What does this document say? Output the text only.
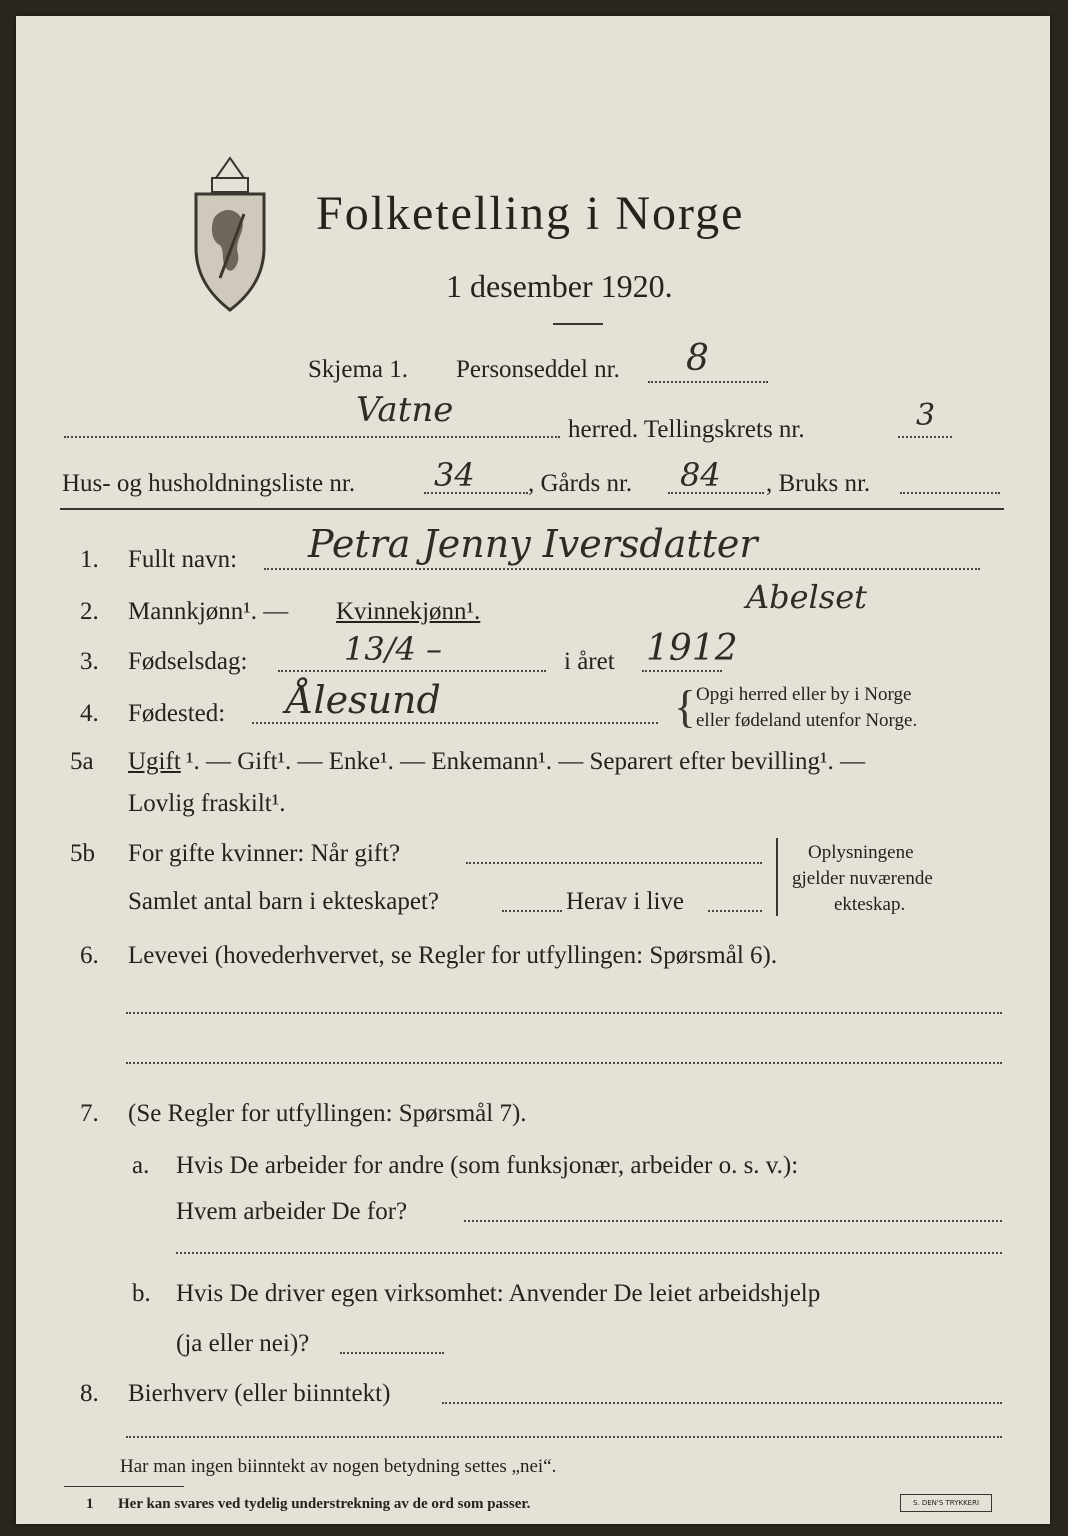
Folketelling i Norge
1 desember 1920.
Skjema 1. Personseddel nr. 8
Vatne	herred. Tellingskrets nr.	3
Hus- og husholdningsliste nr. 34 , Gårds nr. 84 , Bruks nr.
1. Fullt navn: Petra Jenny Iversdatter
Abelset
2. Mannkjønn¹. — Kvinnekjønn¹.
3. Fødselsdag:	13/4 –	i året 1912
4. Fødested: Ålesund	{ Opgi herred eller by i Norge
eller fødeland utenfor Norge.
5a Ugift ¹. — Gift¹. — Enke¹. — Enkemann¹. — Separert efter bevilling¹. —
Lovlig fraskilt¹.
5b For gifte kvinner: Når gift?
Samlet antal barn i ekteskapet?	Herav i live
Oplysningene
gjelder nuværende
ekteskap.
6. Levevei (hovederhvervet, se Regler for utfyllingen: Spørsmål 6).
7. (Se Regler for utfyllingen: Spørsmål 7).
a. Hvis De arbeider for andre (som funksjonær, arbeider o. s. v.):
Hvem arbeider De for?
b. Hvis De driver egen virksomhet: Anvender De leiet arbeidshjelp
(ja eller nei)?
8. Bierhverv (eller biinntekt)
Har man ingen biinntekt av nogen betydning settes „nei“.
1 Her kan svares ved tydelig understrekning av de ord som passer.	S. DEN'S TRYKKERI
